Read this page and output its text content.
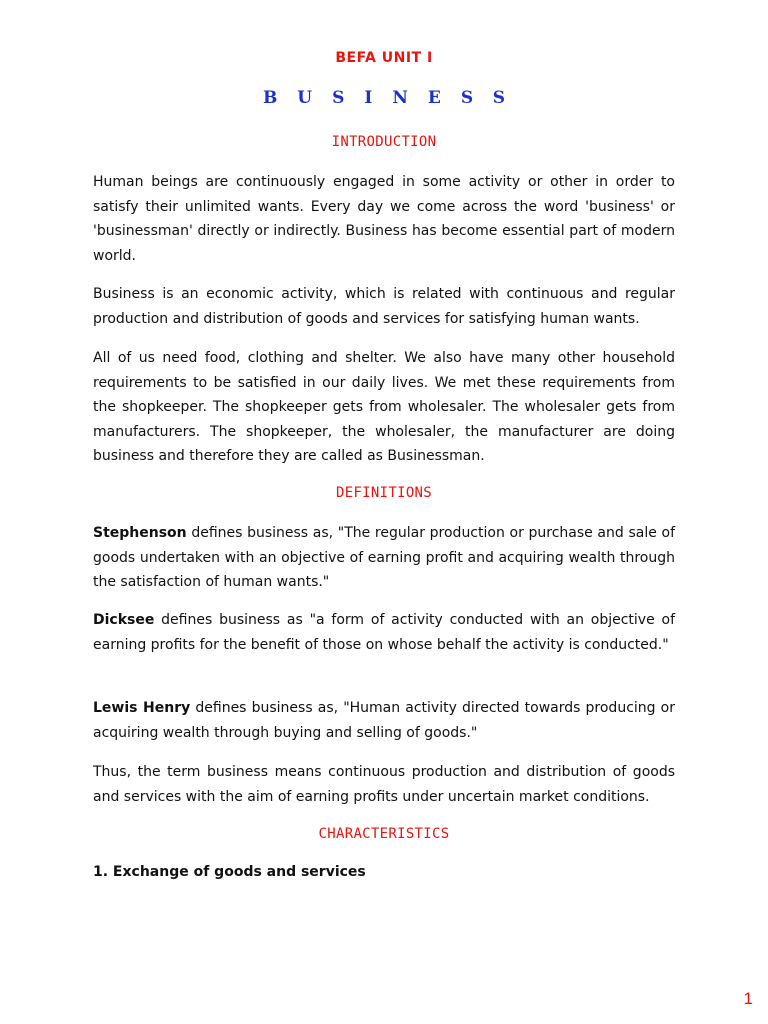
BEFA UNIT I
BUSINESS
INTRODUCTION

Human beings are continuously engaged in some activity or other in order to satisfy their unlimited wants. Every day we come across the word 'business' or 'businessman' directly or indirectly. Business has become essential part of modern world.

Business is an economic activity, which is related with continuous and regular production and distribution of goods and services for satisfying human wants.

All of us need food, clothing and shelter. We also have many other household requirements to be satisfied in our daily lives. We met these requirements from the shopkeeper. The shopkeeper gets from wholesaler. The wholesaler gets from manufacturers. The shopkeeper, the wholesaler, the manufacturer are doing business and therefore they are called as Businessman.

DEFINITIONS

Stephenson defines business as, "The regular production or purchase and sale of goods undertaken with an objective of earning profit and acquiring wealth through the satisfaction of human wants."

Dicksee defines business as "a form of activity conducted with an objective of earning profits for the benefit of those on whose behalf the activity is conducted."

Lewis Henry defines business as, "Human activity directed towards producing or acquiring wealth through buying and selling of goods."

Thus, the term business means continuous production and distribution of goods and services with the aim of earning profits under uncertain market conditions.

CHARACTERISTICS
1. Exchange of goods and services
1
